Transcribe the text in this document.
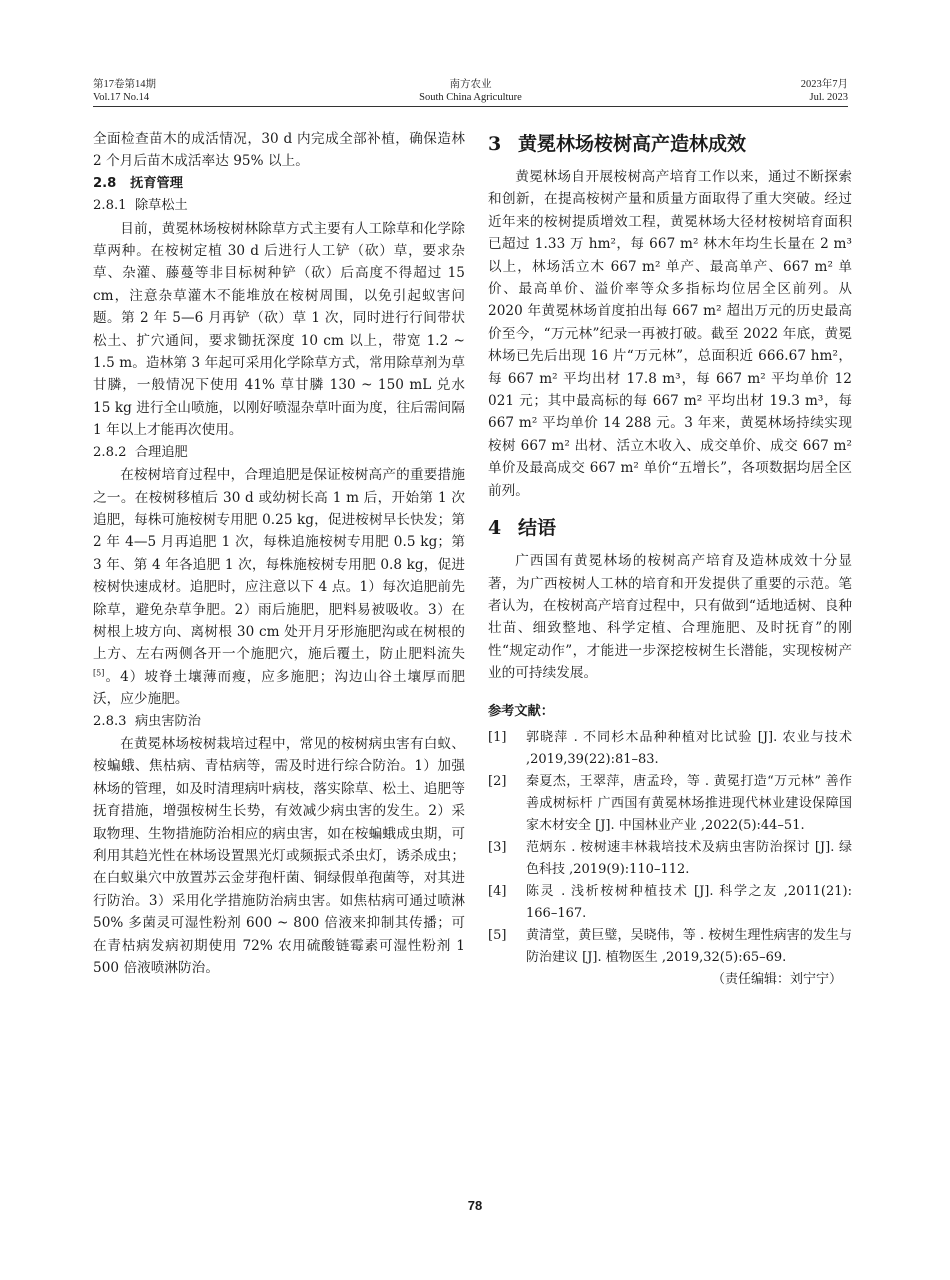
第17卷第14期
Vol.17 No.14
南方农业
South China Agriculture
2023年7月
Jul. 2023

全面检查苗木的成活情况，30 d 内完成全部补植，确保造林 2 个月后苗木成活率达 95% 以上。

2.8 抚育管理

2.8.1 除草松土

目前，黄冕林场桉树林除草方式主要有人工除草和化学除草两种。在桉树定植 30 d 后进行人工铲（砍）草，要求杂草、杂灌、藤蔓等非目标树种铲（砍）后高度不得超过 15 cm，注意杂草灌木不能堆放在桉树周围，以免引起蚁害问题。第 2 年 5—6 月再铲（砍）草 1 次，同时进行行间带状松土、扩穴通间，要求锄抚深度 10 cm 以上，带宽 1.2 ~ 1.5 m。造林第 3 年起可采用化学除草方式，常用除草剂为草甘膦，一般情况下使用 41% 草甘膦 130 ~ 150 mL 兑水 15 kg 进行全山喷施，以刚好喷湿杂草叶面为度，往后需间隔 1 年以上才能再次使用。

2.8.2 合理追肥

在桉树培育过程中，合理追肥是保证桉树高产的重要措施之一。在桉树移植后 30 d 或幼树长高 1 m 后，开始第 1 次追肥，每株可施桉树专用肥 0.25 kg，促进桉树早长快发；第 2 年 4—5 月再追肥 1 次，每株追施桉树专用肥 0.5 kg；第 3 年、第 4 年各追肥 1 次，每株施桉树专用肥 0.8 kg，促进桉树快速成材。追肥时，应注意以下 4 点。1）每次追肥前先除草，避免杂草争肥。2）雨后施肥，肥料易被吸收。3）在树根上坡方向、离树根 30 cm 处开月牙形施肥沟或在树根的上方、左右两侧各开一个施肥穴，施后覆土，防止肥料流失[5]。4）坡脊土壤薄而瘦，应多施肥；沟边山谷土壤厚而肥沃，应少施肥。

2.8.3 病虫害防治

在黄冕林场桉树栽培过程中，常见的桉树病虫害有白蚁、桉蝙蛾、焦枯病、青枯病等，需及时进行综合防治。1）加强林场的管理，如及时清理病叶病枝，落实除草、松土、追肥等抚育措施，增强桉树生长势，有效减少病虫害的发生。2）采取物理、生物措施防治相应的病虫害，如在桉蝙蛾成虫期，可利用其趋光性在林场设置黑光灯或频振式杀虫灯，诱杀成虫；在白蚁巢穴中放置苏云金芽孢杆菌、铜绿假单孢菌等，对其进行防治。3）采用化学措施防治病虫害。如焦枯病可通过喷淋 50% 多菌灵可湿性粉剂 600 ~ 800 倍液来抑制其传播；可在青枯病发病初期使用 72% 农用硫酸链霉素可湿性粉剂 1 500 倍液喷淋防治。

3 黄冕林场桉树高产造林成效

黄冕林场自开展桉树高产培育工作以来，通过不断探索和创新，在提高桉树产量和质量方面取得了重大突破。经过近年来的桉树提质增效工程，黄冕林场大径材桉树培育面积已超过 1.33 万 hm²，每 667 m² 林木年均生长量在 2 m³ 以上，林场活立木 667 m² 单产、最高单产、667 m² 单价、最高单价、溢价率等众多指标均位居全区前列。从 2020 年黄冕林场首度拍出每 667 m² 超出万元的历史最高价至今，“万元林”纪录一再被打破。截至 2022 年底，黄冕林场已先后出现 16 片“万元林”，总面积近 666.67 hm²，每 667 m² 平均出材 17.8 m³，每 667 m² 平均单价 12 021 元；其中最高标的每 667 m² 平均出材 19.3 m³，每 667 m² 平均单价 14 288 元。3 年来，黄冕林场持续实现桉树 667 m² 出材、活立木收入、成交单价、成交 667 m² 单价及最高成交 667 m² 单价“五增长”，各项数据均居全区前列。

4 结语

广西国有黄冕林场的桉树高产培育及造林成效十分显著，为广西桉树人工林的培育和开发提供了重要的示范。笔者认为，在桉树高产培育过程中，只有做到“适地适树、良种壮苗、细致整地、科学定植、合理施肥、及时抚育”的刚性“规定动作”，才能进一步深挖桉树生长潜能，实现桉树产业的可持续发展。

参考文献：

[1]	郭晓萍 . 不同杉木品种种植对比试验 [J]. 农业与技术 ,2019,39(22):81–83.
[2]	秦夏杰，王翠萍，唐孟玲，等 . 黄冕打造“万元林” 善作善成树标杆 广西国有黄冕林场推进现代林业建设保障国家木材安全 [J]. 中国林业产业 ,2022(5):44–51.
[3]	范炳东 . 桉树速丰林栽培技术及病虫害防治探讨 [J]. 绿色科技 ,2019(9):110–112.
[4]	陈灵 . 浅析桉树种植技术 [J]. 科学之友 ,2011(21): 166–167.
[5]	黄清堂，黄巨璧，吴晓伟，等 . 桉树生理性病害的发生与防治建议 [J]. 植物医生 ,2019,32(5):65–69.
（责任编辑：刘宁宁）
78
